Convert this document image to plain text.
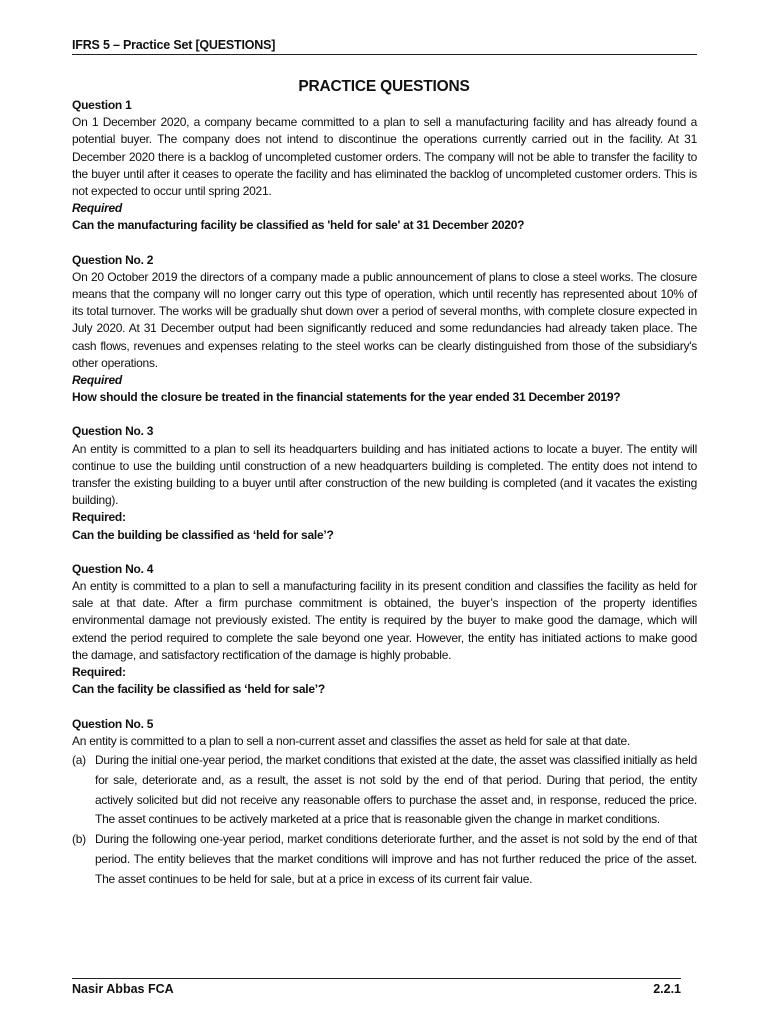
IFRS 5 – Practice Set [QUESTIONS]
PRACTICE QUESTIONS
Question 1
On 1 December 2020, a company became committed to a plan to sell a manufacturing facility and has already found a potential buyer. The company does not intend to discontinue the operations currently carried out in the facility. At 31 December 2020 there is a backlog of uncompleted customer orders. The company will not be able to transfer the facility to the buyer until after it ceases to operate the facility and has eliminated the backlog of uncompleted customer orders. This is not expected to occur until spring 2021.
Required
Can the manufacturing facility be classified as 'held for sale' at 31 December 2020?
Question No. 2
On 20 October 2019 the directors of a company made a public announcement of plans to close a steel works. The closure means that the company will no longer carry out this type of operation, which until recently has represented about 10% of its total turnover. The works will be gradually shut down over a period of several months, with complete closure expected in July 2020. At 31 December output had been significantly reduced and some redundancies had already taken place. The cash flows, revenues and expenses relating to the steel works can be clearly distinguished from those of the subsidiary's other operations.
Required
How should the closure be treated in the financial statements for the year ended 31 December 2019?
Question No. 3
An entity is committed to a plan to sell its headquarters building and has initiated actions to locate a buyer. The entity will continue to use the building until construction of a new headquarters building is completed. The entity does not intend to transfer the existing building to a buyer until after construction of the new building is completed (and it vacates the existing building).
Required:
Can the building be classified as ‘held for sale’?
Question No. 4
An entity is committed to a plan to sell a manufacturing facility in its present condition and classifies the facility as held for sale at that date. After a firm purchase commitment is obtained, the buyer’s inspection of the property identifies environmental damage not previously existed. The entity is required by the buyer to make good the damage, which will extend the period required to complete the sale beyond one year. However, the entity has initiated actions to make good the damage, and satisfactory rectification of the damage is highly probable.
Required:
Can the facility be classified as ‘held for sale’?
Question No. 5
An entity is committed to a plan to sell a non-current asset and classifies the asset as held for sale at that date.
(a) During the initial one-year period, the market conditions that existed at the date, the asset was classified initially as held for sale, deteriorate and, as a result, the asset is not sold by the end of that period. During that period, the entity actively solicited but did not receive any reasonable offers to purchase the asset and, in response, reduced the price. The asset continues to be actively marketed at a price that is reasonable given the change in market conditions.
(b) During the following one-year period, market conditions deteriorate further, and the asset is not sold by the end of that period. The entity believes that the market conditions will improve and has not further reduced the price of the asset. The asset continues to be held for sale, but at a price in excess of its current fair value.
Nasir Abbas FCA	2.2.1
